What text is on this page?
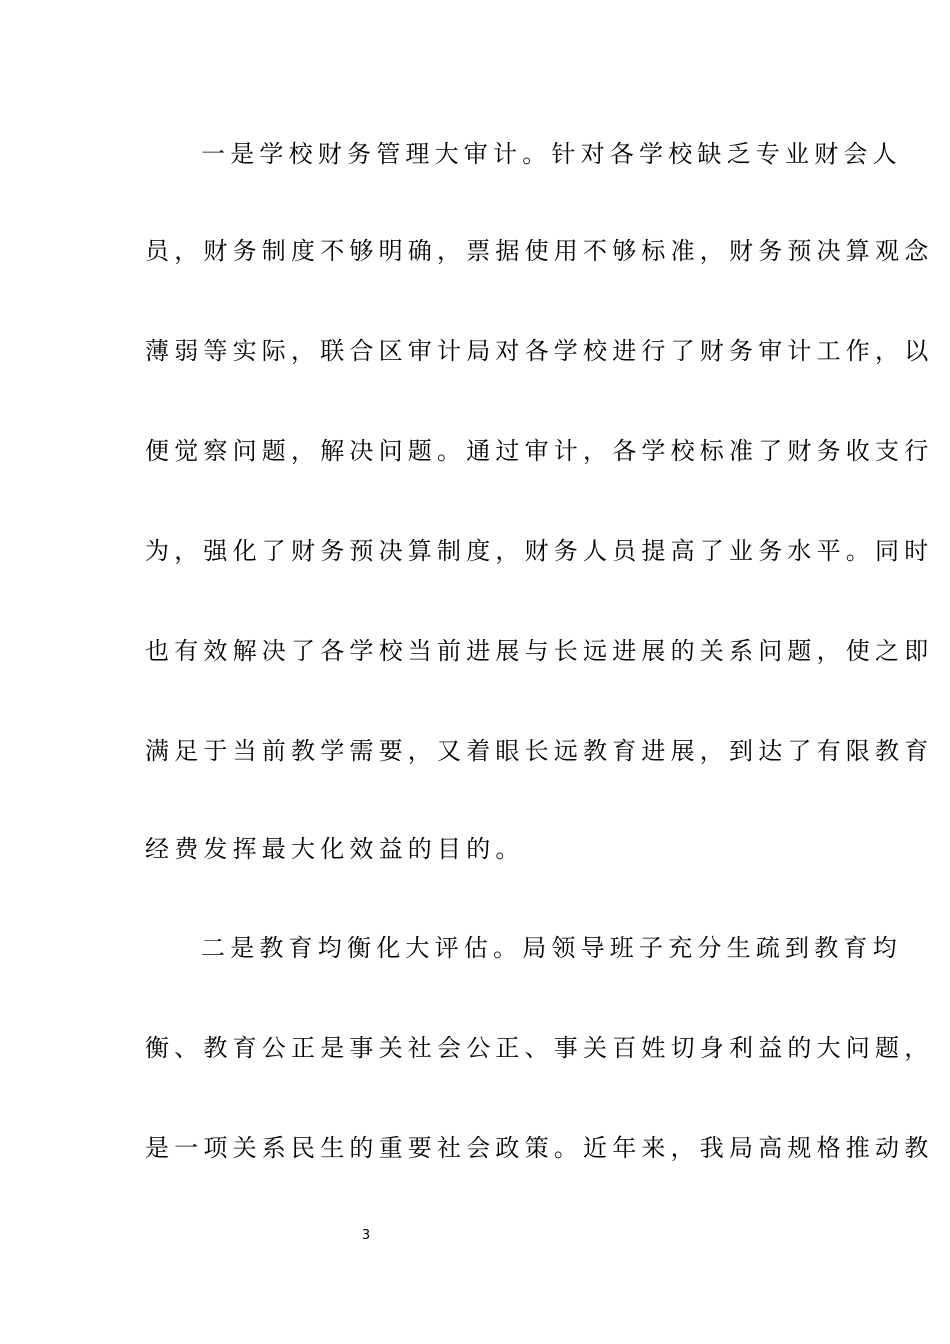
一是学校财务管理大审计。针对各学校缺乏专业财会人
员，财务制度不够明确，票据使用不够标准，财务预决算观念
薄弱等实际，联合区审计局对各学校进行了财务审计工作，以
便觉察问题，解决问题。通过审计，各学校标准了财务收支行
为，强化了财务预决算制度，财务人员提高了业务水平。同时
也有效解决了各学校当前进展与长远进展的关系问题，使之即
满足于当前教学需要，又着眼长远教育进展，到达了有限教育
经费发挥最大化效益的目的。
二是教育均衡化大评估。局领导班子充分生疏到教育均
衡、教育公正是事关社会公正、事关百姓切身利益的大问题，
是一项关系民生的重要社会政策。近年来，我局高规格推动教
3
